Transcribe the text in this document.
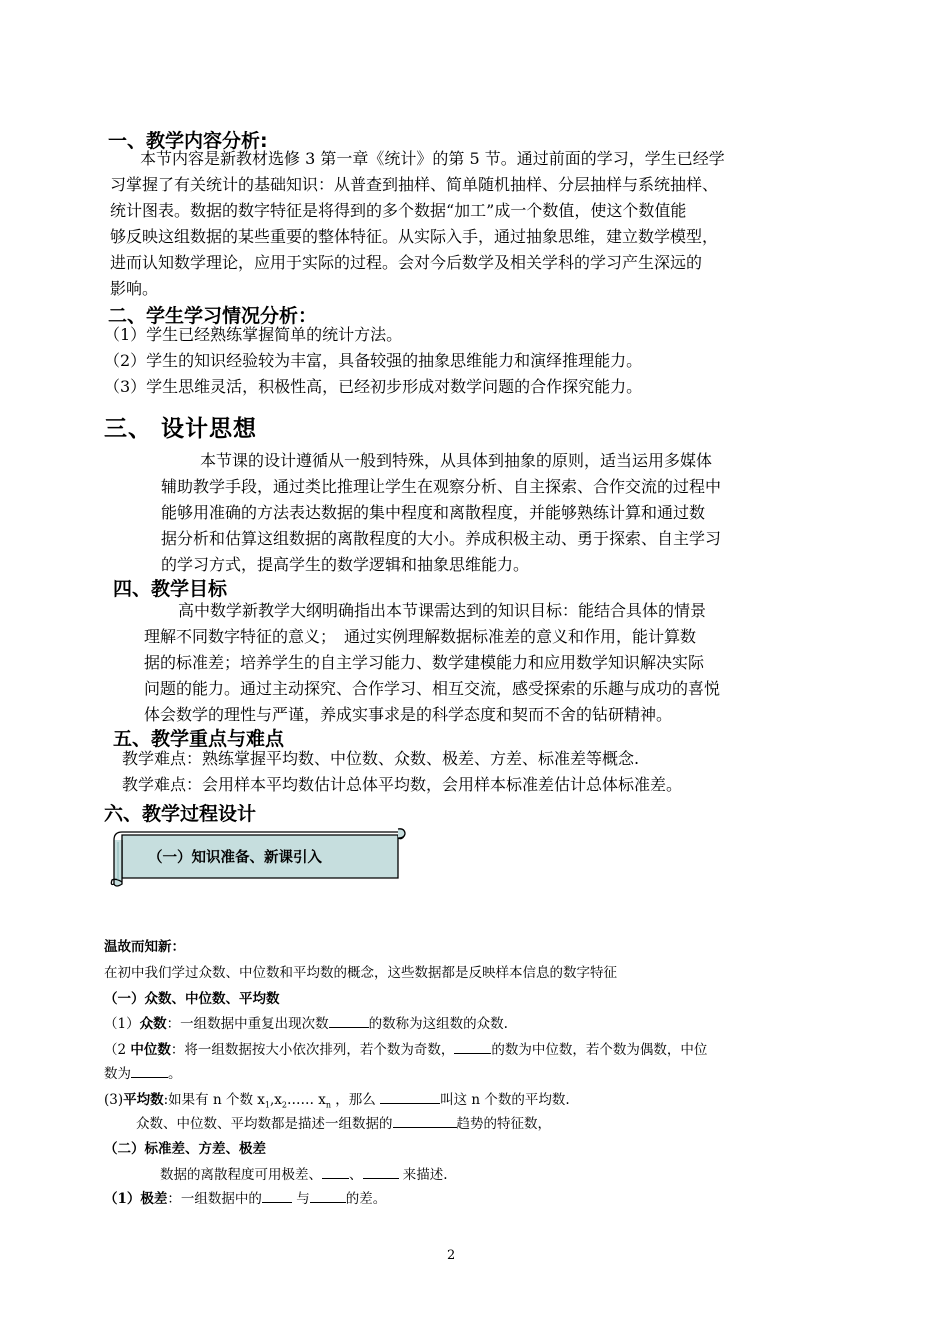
一、教学内容分析:
本节内容是新教材选修 3 第一章《统计》的第 5 节。通过前面的学习，学生已经学
习掌握了有关统计的基础知识：从普查到抽样、简单随机抽样、分层抽样与系统抽样、
统计图表。数据的数字特征是将得到的多个数据“加工”成一个数值，使这个数值能
够反映这组数据的某些重要的整体特征。从实际入手，通过抽象思维，建立数学模型，
进而认知数学理论，应用于实际的过程。会对今后数学及相关学科的学习产生深远的
影响。
二、学生学习情况分析：
（1）学生已经熟练掌握简单的统计方法。
（2）学生的知识经验较为丰富，具备较强的抽象思维能力和演绎推理能力。
（3）学生思维灵活，积极性高，已经初步形成对数学问题的合作探究能力。
三、 设计思想
本节课的设计遵循从一般到特殊，从具体到抽象的原则，适当运用多媒体
辅助教学手段，通过类比推理让学生在观察分析、自主探索、合作交流的过程中
能够用准确的方法表达数据的集中程度和离散程度，并能够熟练计算和通过数
据分析和估算这组数据的离散程度的大小。养成积极主动、勇于探索、自主学习
的学习方式，提高学生的数学逻辑和抽象思维能力。
四、教学目标
高中数学新教学大纲明确指出本节课需达到的知识目标：能结合具体的情景
理解不同数字特征的意义；　通过实例理解数据标准差的意义和作用，能计算数
据的标准差；培养学生的自主学习能力、数学建模能力和应用数学知识解决实际
问题的能力。通过主动探究、合作学习、相互交流，感受探索的乐趣与成功的喜悦
体会数学的理性与严谨，养成实事求是的科学态度和契而不舍的钻研精神。
五、教学重点与难点
教学难点：熟练掌握平均数、中位数、众数、极差、方差、标准差等概念.
教学难点：会用样本平均数估计总体平均数，会用样本标准差估计总体标准差。
六、教学过程设计
（一）知识准备、新课引入
温故而知新：
在初中我们学过众数、中位数和平均数的概念，这些数据都是反映样本信息的数字特征
（一）众数、中位数、平均数
（1）众数：一组数据中重复出现次数	的数称为这组数的众数.
（2 中位数：将一组数据按大小依次排列，若个数为奇数，	的数为中位数，若个数为偶数，中位
数为	。
(3)平均数:如果有 n 个数 $x_1,x_2\dots\dots$ $x_n$ ，那么	叫这 n 个数的平均数.
众数、中位数、平均数都是描述一组数据的	趋势的特征数，
（二）标准差、方差、极差
数据的离散程度可用极差、 、	来描述.
（1）极差：一组数据中的 与	的差。
2
